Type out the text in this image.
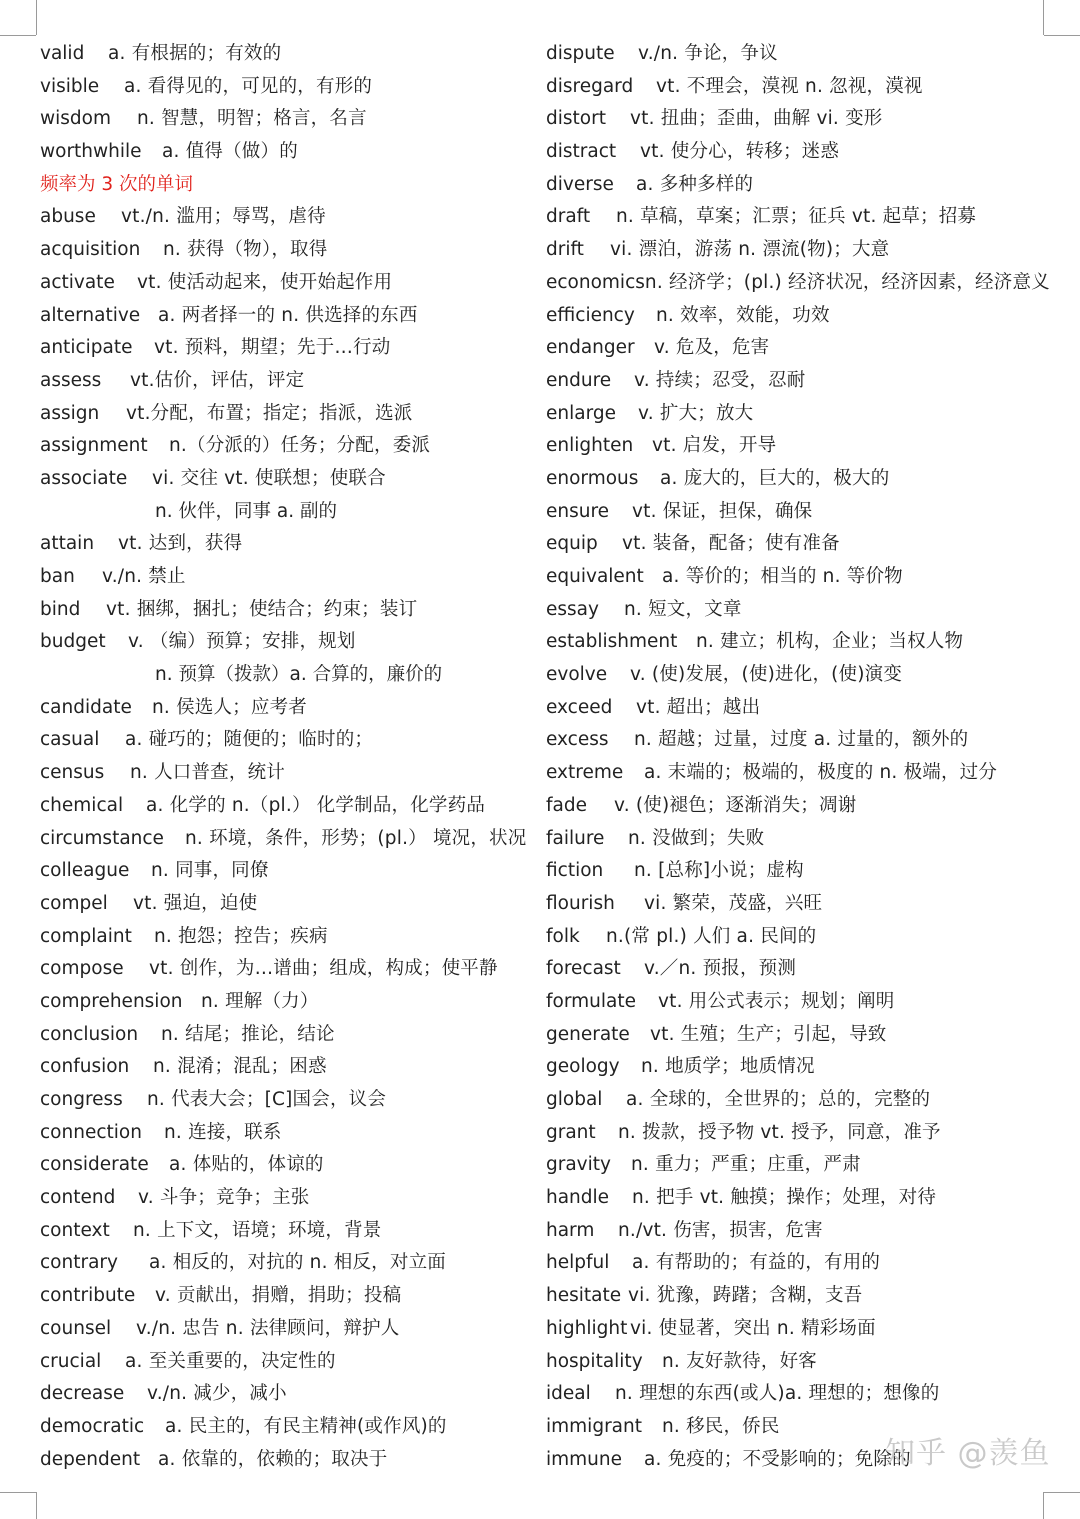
valid a. 有根据的；有效的
visible a. 看得见的，可见的，有形的
wisdom n. 智慧，明智；格言，名言
worthwhile a. 值得（做）的
频率为 3 次的单词
abuse vt./n. 滥用；辱骂，虐待
acquisition n. 获得（物），取得
activate vt. 使活动起来，使开始起作用
alternative a. 两者择一的 n. 供选择的东西
anticipate vt. 预料，期望；先于…行动
assess vt.估价，评估，评定
assign vt.分配，布置；指定；指派，选派
assignment n.（分派的）任务；分配，委派
associate vi. 交往 vt. 使联想；使联合
n. 伙伴，同事 a. 副的
attain vt. 达到，获得
ban v./n. 禁止
bind vt. 捆绑，捆扎；使结合；约束；装订
budget v. （编）预算；安排，规划
n. 预算（拨款）a. 合算的，廉价的
candidate n. 侯选人；应考者
casual a. 碰巧的；随便的；临时的；
census n. 人口普查，统计
chemical a. 化学的 n.（pl.） 化学制品，化学药品
circumstance n. 环境，条件，形势；(pl.） 境况，状况
colleague n. 同事，同僚
compel vt. 强迫，迫使
complaint n. 抱怨；控告；疾病
compose vt. 创作，为…谱曲；组成，构成；使平静
comprehension n. 理解（力）
conclusion n. 结尾；推论，结论
confusion n. 混淆；混乱；困惑
congress n. 代表大会；[C]国会，议会
connection n. 连接，联系
considerate a. 体贴的，体谅的
contend v. 斗争；竞争；主张
context n. 上下文，语境；环境，背景
contrary a. 相反的，对抗的 n. 相反，对立面
contribute v. 贡献出，捐赠，捐助；投稿
counsel v./n. 忠告 n. 法律顾问，辩护人
crucial a. 至关重要的，决定性的
decrease v./n. 减少，减小
democratic a. 民主的，有民主精神(或作风)的
dependent a. 依靠的，依赖的；取决于
dispute v./n. 争论，争议
disregard vt. 不理会，漠视 n. 忽视，漠视
distort vt. 扭曲；歪曲，曲解 vi. 变形
distract vt. 使分心，转移；迷惑
diverse a. 多种多样的
draft n. 草稿，草案；汇票；征兵 vt. 起草；招募
drift vi. 漂泊，游荡 n. 漂流(物)；大意
economicsn. 经济学；(pl.) 经济状况，经济因素，经济意义
efficiency n. 效率，效能，功效
endanger v. 危及，危害
endure v. 持续；忍受，忍耐
enlarge v. 扩大；放大
enlighten vt. 启发，开导
enormous a. 庞大的，巨大的，极大的
ensure vt. 保证，担保，确保
equip vt. 装备，配备；使有准备
equivalent a. 等价的；相当的 n. 等价物
essay n. 短文，文章
establishment n. 建立；机构，企业；当权人物
evolve v. (使)发展，(使)进化，(使)演变
exceed vt. 超出；越出
excess n. 超越；过量，过度 a. 过量的，额外的
extreme a. 末端的；极端的，极度的 n. 极端，过分
fade v. (使)褪色；逐渐消失；凋谢
failure n. 没做到；失败
fiction n. [总称]小说；虚构
flourish vi. 繁荣，茂盛，兴旺
folk n.(常 pl.) 人们 a. 民间的
forecast v.／n. 预报，预测
formulate vt. 用公式表示；规划；阐明
generate vt. 生殖；生产；引起，导致
geology n. 地质学；地质情况
global a. 全球的，全世界的；总的，完整的
grant n. 拨款，授予物 vt. 授予，同意，准予
gravity n. 重力；严重；庄重，严肃
handle n. 把手 vt. 触摸；操作；处理，对待
harm n./vt. 伤害，损害，危害
helpful a. 有帮助的；有益的，有用的
hesitate vi. 犹豫，踌躇；含糊，支吾
highlight vi. 使显著，突出 n. 精彩场面
hospitality n. 友好款待，好客
ideal n. 理想的东西(或人)a. 理想的；想像的
immigrant n. 移民，侨民
immune a. 免疫的；不受影响的；免除的
知乎 @羡鱼
